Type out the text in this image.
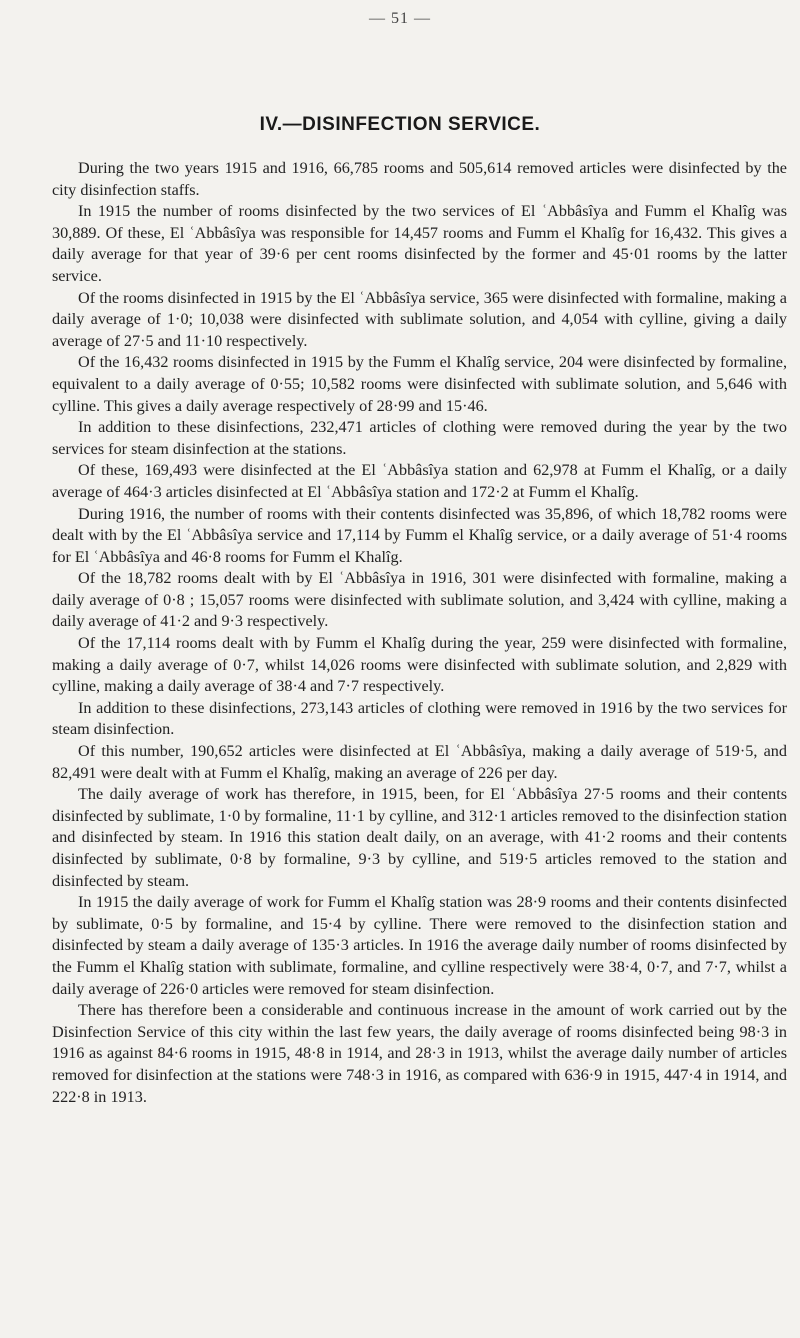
— 51 —
IV.—DISINFECTION SERVICE.

During the two years 1915 and 1916, 66,785 rooms and 505,614 removed articles were disinfected by the city disinfection staffs.

In 1915 the number of rooms disinfected by the two services of El ʿAbbâsîya and Fumm el Khalîg was 30,889. Of these, El ʿAbbâsîya was responsible for 14,457 rooms and Fumm el Khalîg for 16,432. This gives a daily average for that year of 39·6 per cent rooms disinfected by the former and 45·01 rooms by the latter service.

Of the rooms disinfected in 1915 by the El ʿAbbâsîya service, 365 were disinfected with formaline, making a daily average of 1·0; 10,038 were disinfected with sublimate solution, and 4,054 with cylline, giving a daily average of 27·5 and 11·10 respectively.

Of the 16,432 rooms disinfected in 1915 by the Fumm el Khalîg service, 204 were disinfected by formaline, equivalent to a daily average of 0·55; 10,582 rooms were disinfected with sublimate solution, and 5,646 with cylline. This gives a daily average respectively of 28·99 and 15·46.

In addition to these disinfections, 232,471 articles of clothing were removed during the year by the two services for steam disinfection at the stations.

Of these, 169,493 were disinfected at the El ʿAbbâsîya station and 62,978 at Fumm el Khalîg, or a daily average of 464·3 articles disinfected at El ʿAbbâsîya station and 172·2 at Fumm el Khalîg.

During 1916, the number of rooms with their contents disinfected was 35,896, of which 18,782 rooms were dealt with by the El ʿAbbâsîya service and 17,114 by Fumm el Khalîg service, or a daily average of 51·4 rooms for El ʿAbbâsîya and 46·8 rooms for Fumm el Khalîg.

Of the 18,782 rooms dealt with by El ʿAbbâsîya in 1916, 301 were disinfected with formaline, making a daily average of 0·8 ; 15,057 rooms were disinfected with sublimate solution, and 3,424 with cylline, making a daily average of 41·2 and 9·3 respectively.

Of the 17,114 rooms dealt with by Fumm el Khalîg during the year, 259 were disinfected with formaline, making a daily average of 0·7, whilst 14,026 rooms were disinfected with sublimate solution, and 2,829 with cylline, making a daily average of 38·4 and 7·7 respectively.

In addition to these disinfections, 273,143 articles of clothing were removed in 1916 by the two services for steam disinfection.

Of this number, 190,652 articles were disinfected at El ʿAbbâsîya, making a daily average of 519·5, and 82,491 were dealt with at Fumm el Khalîg, making an average of 226 per day.

The daily average of work has therefore, in 1915, been, for El ʿAbbâsîya 27·5 rooms and their contents disinfected by sublimate, 1·0 by formaline, 11·1 by cylline, and 312·1 articles removed to the disinfection station and disinfected by steam. In 1916 this station dealt daily, on an average, with 41·2 rooms and their contents disinfected by sublimate, 0·8 by formaline, 9·3 by cylline, and 519·5 articles removed to the station and disinfected by steam.

In 1915 the daily average of work for Fumm el Khalîg station was 28·9 rooms and their contents disinfected by sublimate, 0·5 by formaline, and 15·4 by cylline. There were removed to the disinfection station and disinfected by steam a daily average of 135·3 articles. In 1916 the average daily number of rooms disinfected by the Fumm el Khalîg station with sublimate, formaline, and cylline respectively were 38·4, 0·7, and 7·7, whilst a daily average of 226·0 articles were removed for steam disinfection.

There has therefore been a considerable and continuous increase in the amount of work carried out by the Disinfection Service of this city within the last few years, the daily average of rooms disinfected being 98·3 in 1916 as against 84·6 rooms in 1915, 48·8 in 1914, and 28·3 in 1913, whilst the average daily number of articles removed for disinfection at the stations were 748·3 in 1916, as compared with 636·9 in 1915, 447·4 in 1914, and 222·8 in 1913.
